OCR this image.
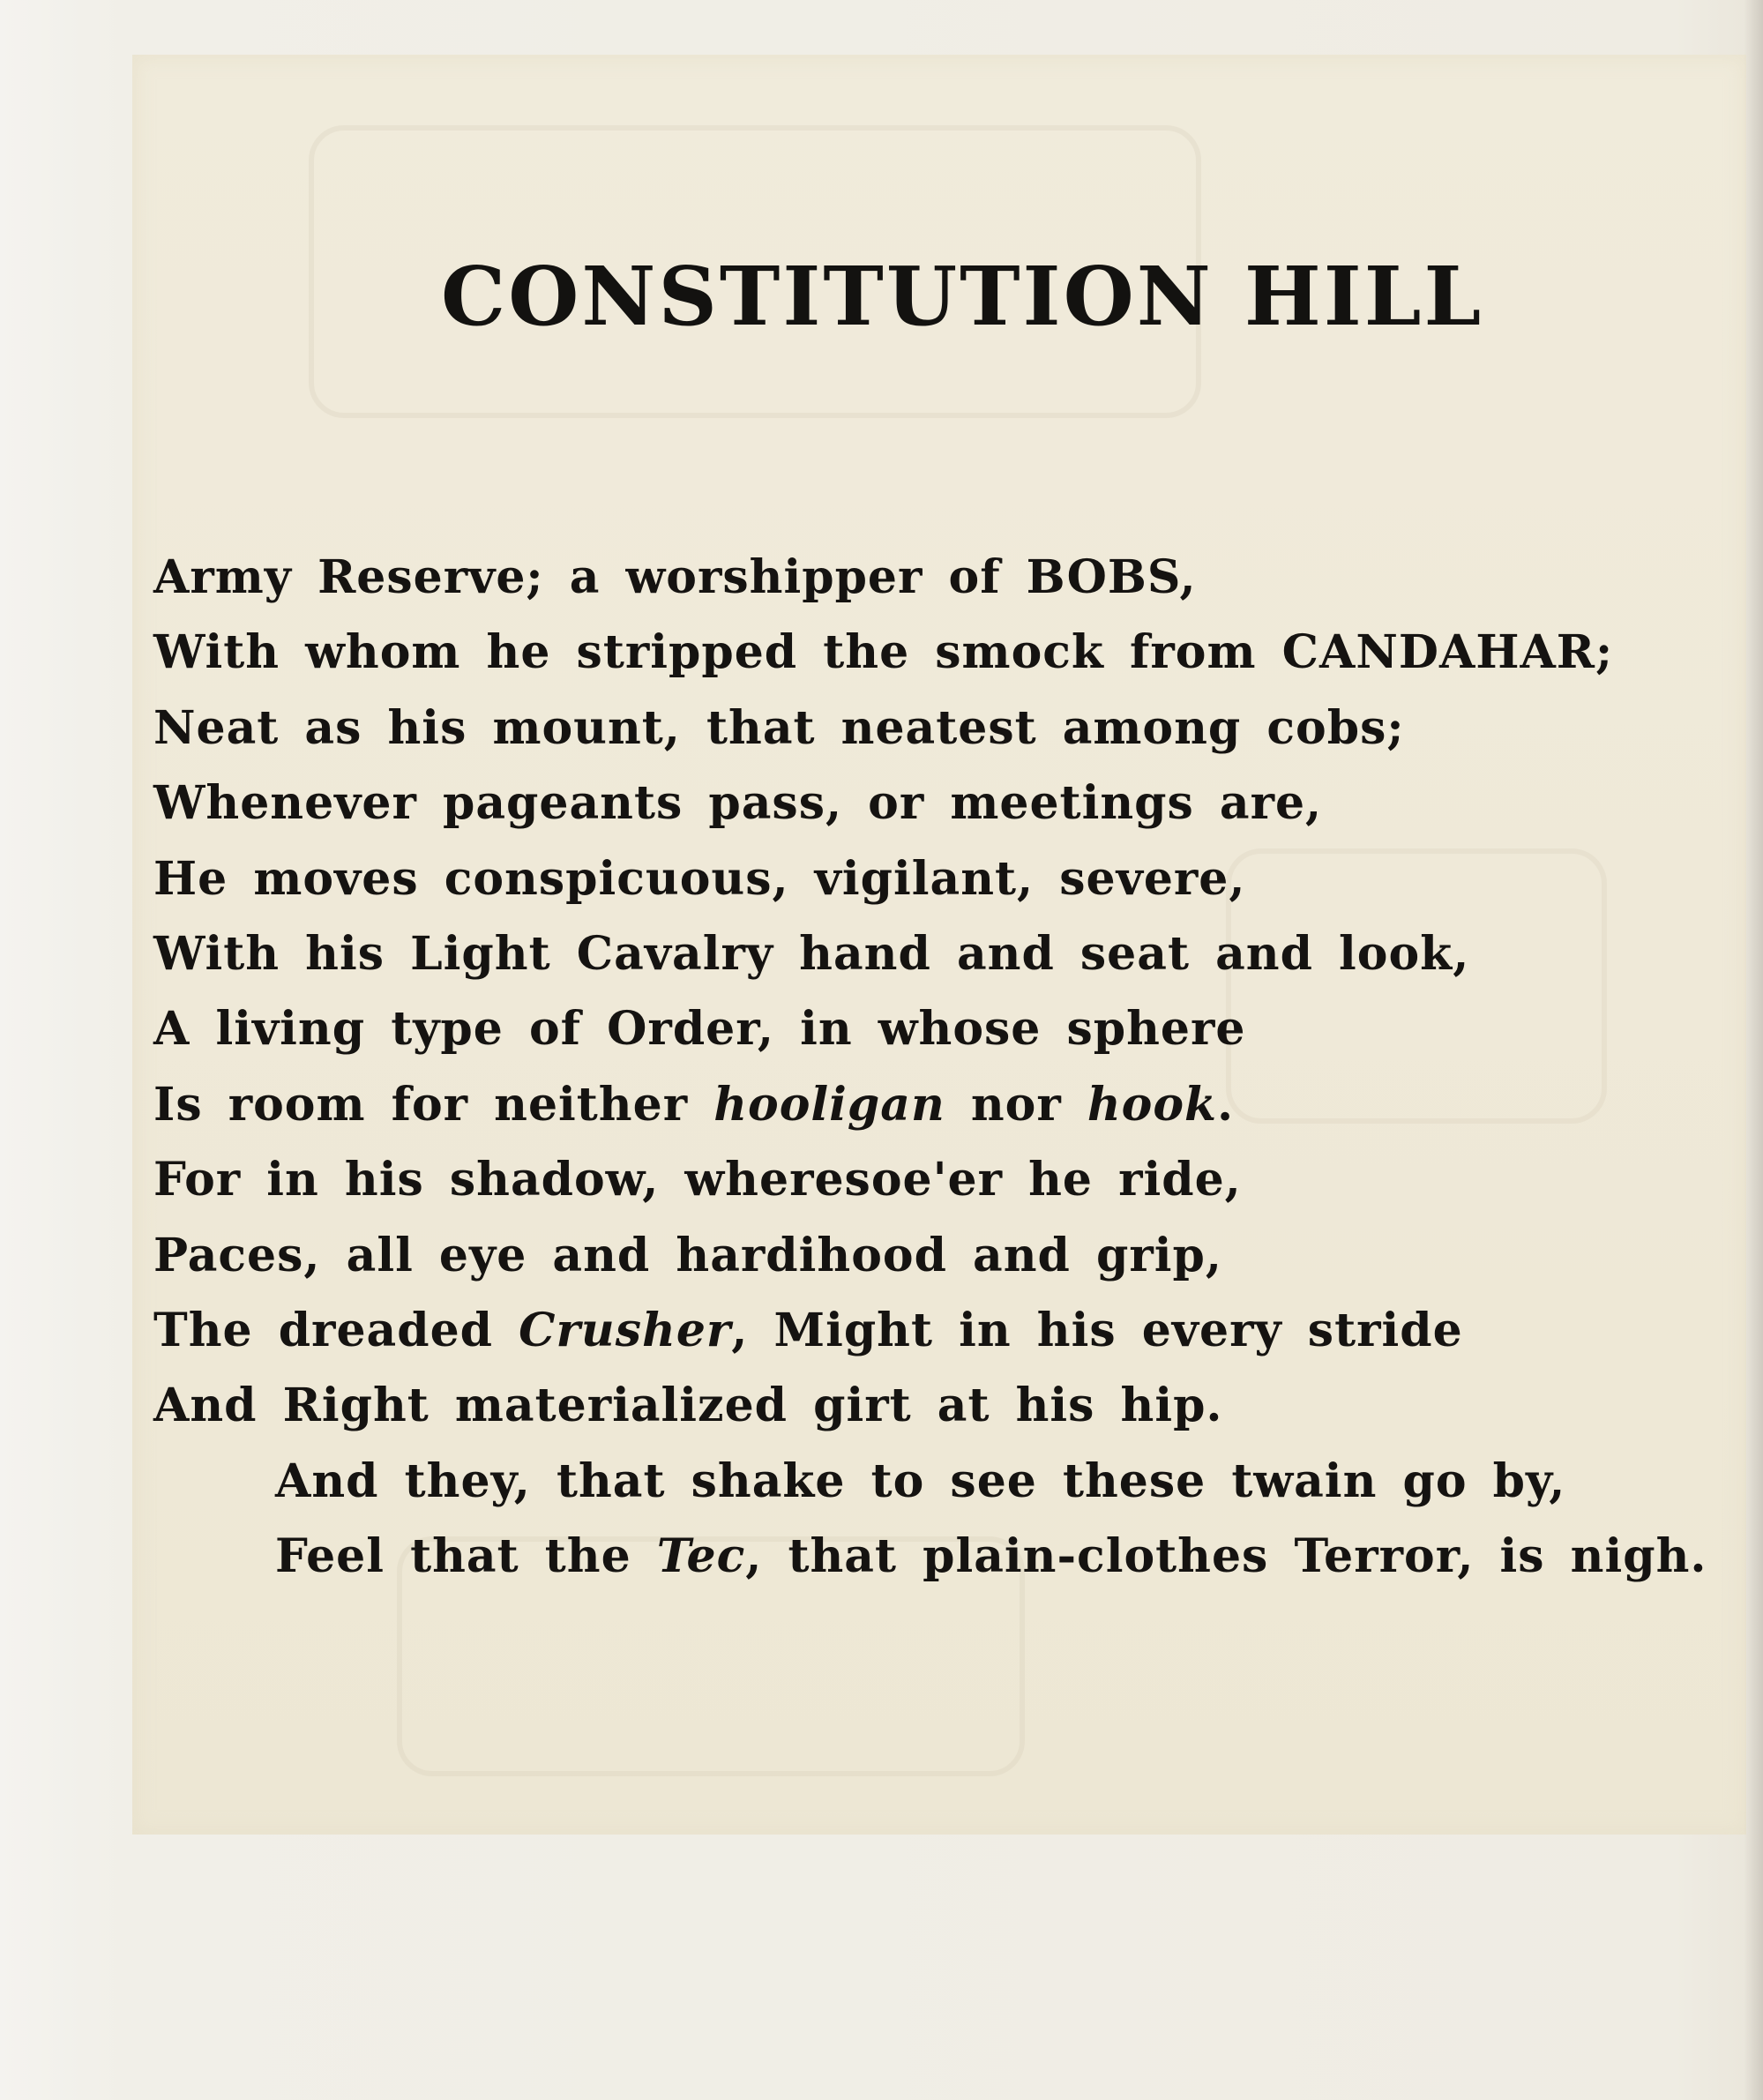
CONSTITUTION HILL
Army Reserve; a worshipper of BOBS,
With whom he stripped the smock from CANDAHAR;
Neat as his mount, that neatest among cobs;
Whenever pageants pass, or meetings are,
He moves conspicuous, vigilant, severe,
With his Light Cavalry hand and seat and look,
A living type of Order, in whose sphere
Is room for neither hooligan nor hook.
For in his shadow, wheresoe'er he ride,
Paces, all eye and hardihood and grip,
The dreaded Crusher, Might in his every stride
And Right materialized girt at his hip.
And they, that shake to see these twain go by,
Feel that the Tec, that plain-clothes Terror, is nigh.
